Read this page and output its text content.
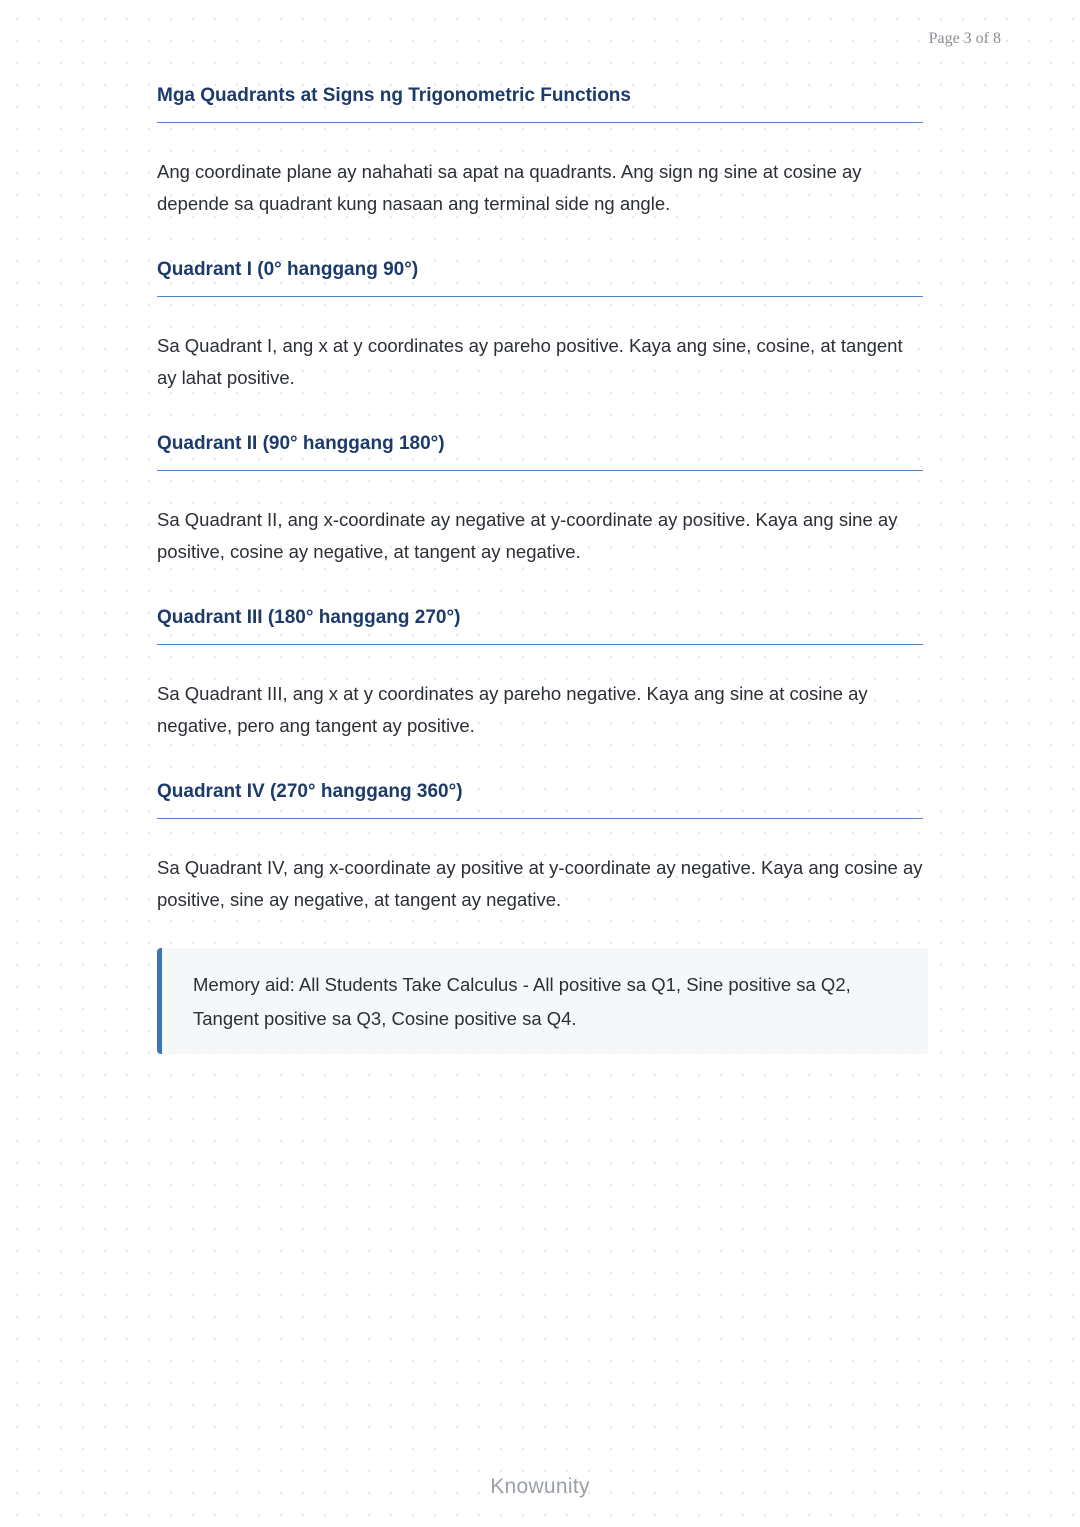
Page 3 of 8
Mga Quadrants at Signs ng Trigonometric Functions

Ang coordinate plane ay nahahati sa apat na quadrants. Ang sign ng sine at cosine ay depende sa quadrant kung nasaan ang terminal side ng angle.

Quadrant I (0° hanggang 90°)

Sa Quadrant I, ang x at y coordinates ay pareho positive. Kaya ang sine, cosine, at tangent ay lahat positive.

Quadrant II (90° hanggang 180°)

Sa Quadrant II, ang x-coordinate ay negative at y-coordinate ay positive. Kaya ang sine ay positive, cosine ay negative, at tangent ay negative.

Quadrant III (180° hanggang 270°)

Sa Quadrant III, ang x at y coordinates ay pareho negative. Kaya ang sine at cosine ay negative, pero ang tangent ay positive.

Quadrant IV (270° hanggang 360°)

Sa Quadrant IV, ang x-coordinate ay positive at y-coordinate ay negative. Kaya ang cosine ay positive, sine ay negative, at tangent ay negative.

Memory aid: All Students Take Calculus - All positive sa Q1, Sine positive sa Q2, Tangent positive sa Q3, Cosine positive sa Q4.

Knowunity
